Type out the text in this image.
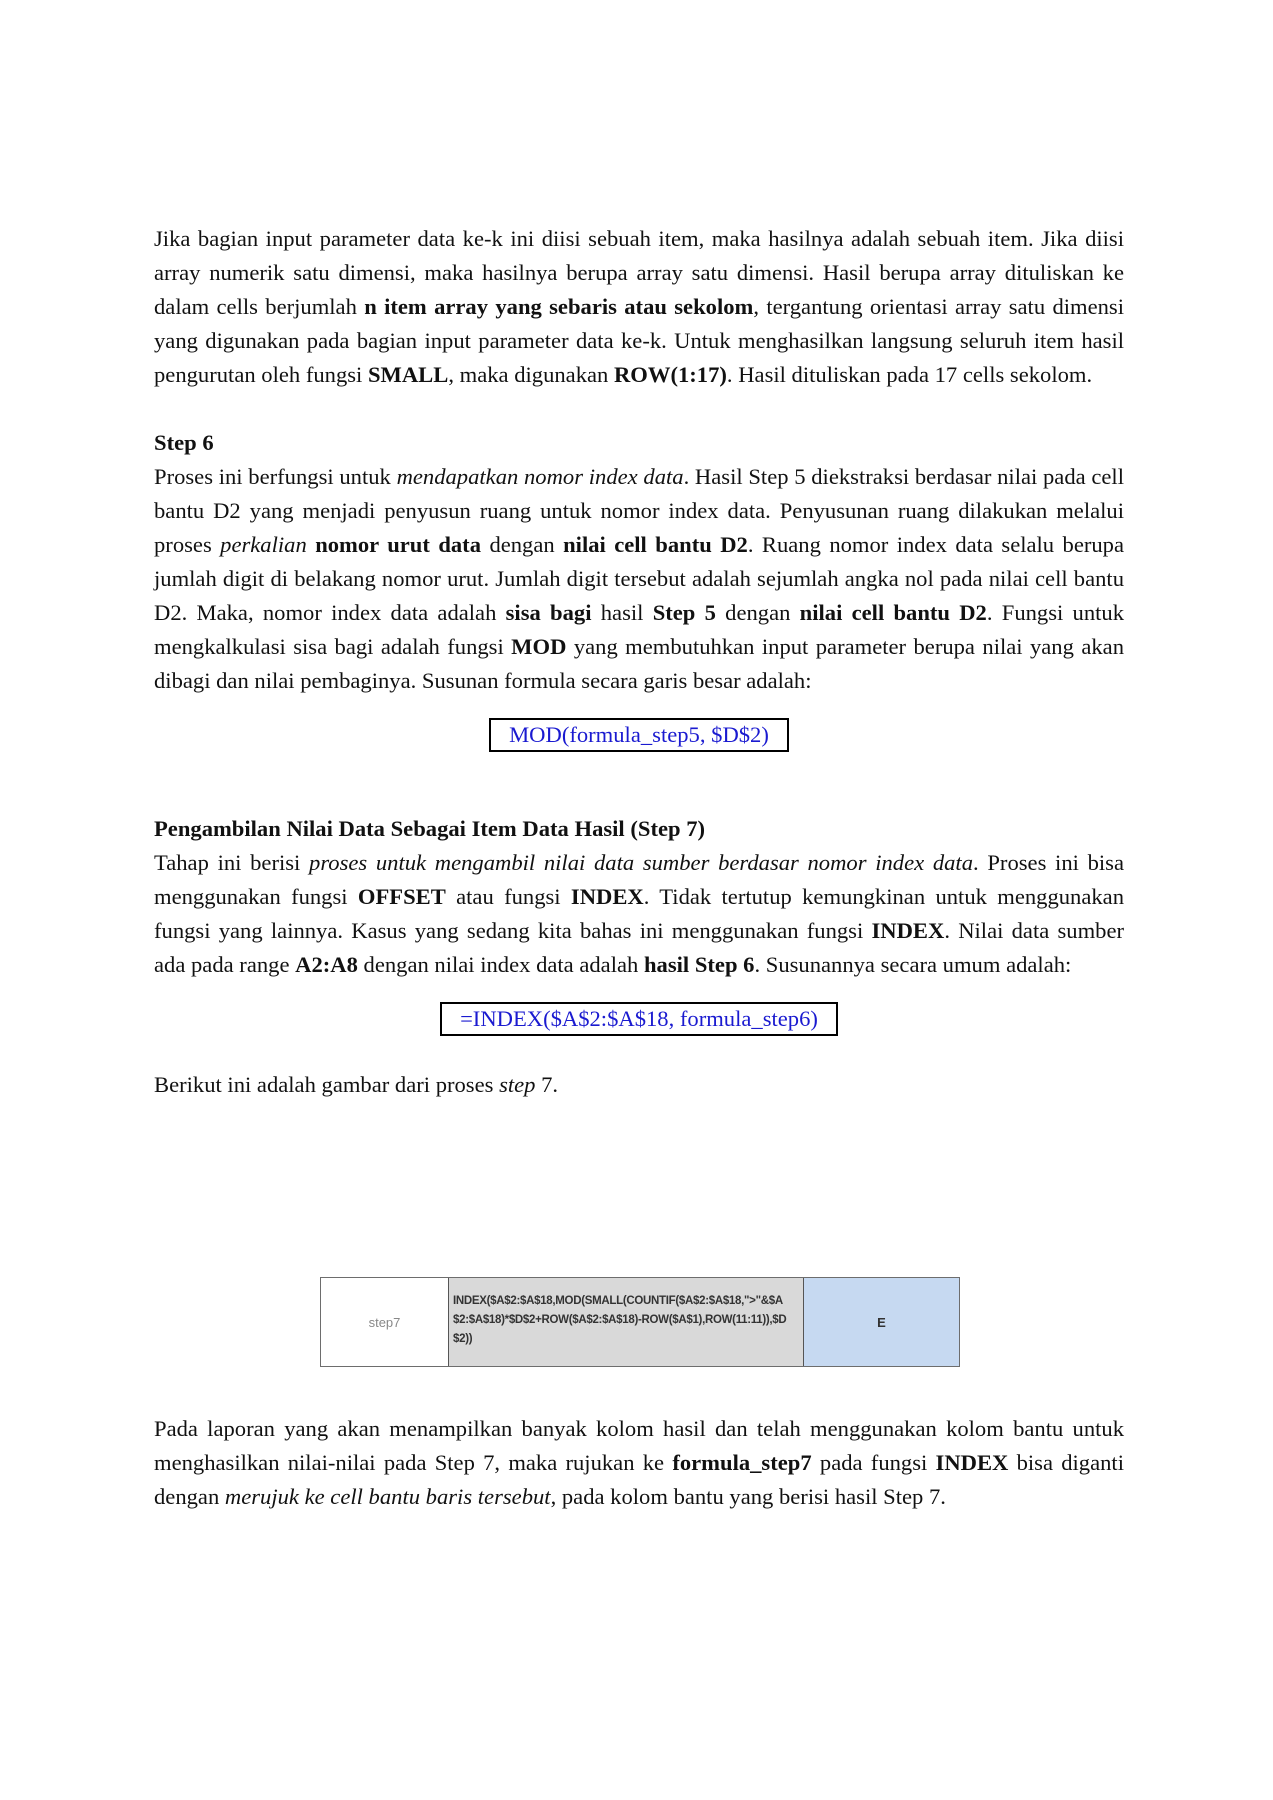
Jika bagian input parameter data ke-k ini diisi sebuah item, maka hasilnya adalah sebuah item. Jika diisi array numerik satu dimensi, maka hasilnya berupa array satu dimensi. Hasil berupa array dituliskan ke dalam cells berjumlah n item array yang sebaris atau sekolom, tergantung orientasi array satu dimensi yang digunakan pada bagian input parameter data ke-k. Untuk menghasilkan langsung seluruh item hasil pengurutan oleh fungsi SMALL, maka digunakan ROW(1:17). Hasil dituliskan pada 17 cells sekolom.

Step 6

Proses ini berfungsi untuk mendapatkan nomor index data. Hasil Step 5 diekstraksi berdasar nilai pada cell bantu D2 yang menjadi penyusun ruang untuk nomor index data. Penyusunan ruang dilakukan melalui proses perkalian nomor urut data dengan nilai cell bantu D2. Ruang nomor index data selalu berupa jumlah digit di belakang nomor urut. Jumlah digit tersebut adalah sejumlah angka nol pada nilai cell bantu D2. Maka, nomor index data adalah sisa bagi hasil Step 5 dengan nilai cell bantu D2. Fungsi untuk mengkalkulasi sisa bagi adalah fungsi MOD yang membutuhkan input parameter berupa nilai yang akan dibagi dan nilai pembaginya. Susunan formula secara garis besar adalah:

MOD(formula_step5, $D$2)

Pengambilan Nilai Data Sebagai Item Data Hasil (Step 7)

Tahap ini berisi proses untuk mengambil nilai data sumber berdasar nomor index data. Proses ini bisa menggunakan fungsi OFFSET atau fungsi INDEX. Tidak tertutup kemungkinan untuk menggunakan fungsi yang lainnya. Kasus yang sedang kita bahas ini menggunakan fungsi INDEX. Nilai data sumber ada pada range A2:A8 dengan nilai index data adalah hasil Step 6. Susunannya secara umum adalah:

=INDEX($A$2:$A$18, formula_step6)

Berikut ini adalah gambar dari proses step 7.

step7
INDEX($A$2:$A$18,MOD(SMALL(COUNTIF($A$2:$A$18,">"&$A$2:$A$18)*$D$2+ROW($A$2:$A$18)-ROW($A$1),ROW(11:11)),$D$2))
E

Pada laporan yang akan menampilkan banyak kolom hasil dan telah menggunakan kolom bantu untuk menghasilkan nilai-nilai pada Step 7, maka rujukan ke formula_step7 pada fungsi INDEX bisa diganti dengan merujuk ke cell bantu baris tersebut, pada kolom bantu yang berisi hasil Step 7.
